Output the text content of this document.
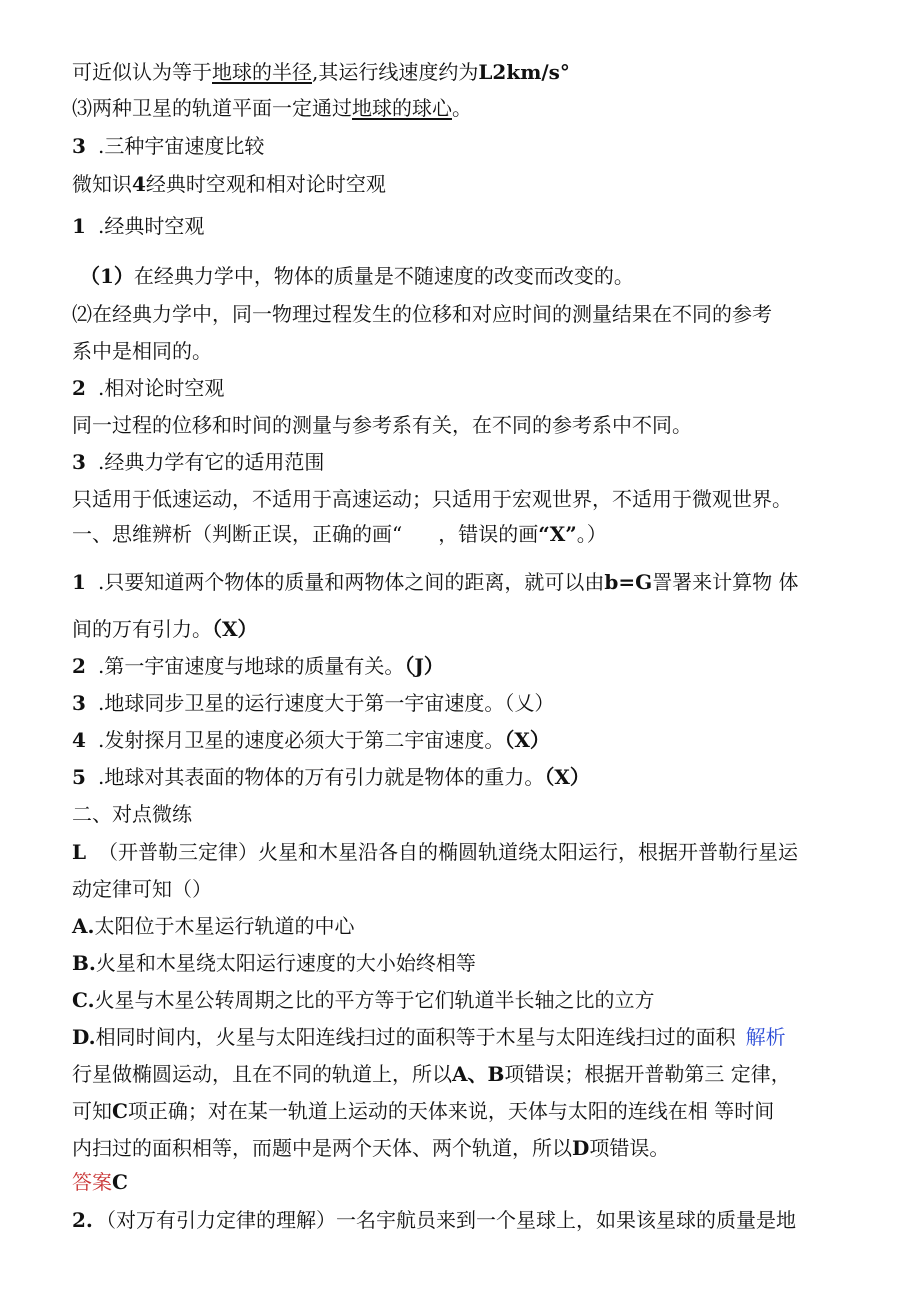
可近似认为等于地球的半径,其运行线速度约为L2km∕s°
⑶两种卫星的轨道平面一定通过地球的球心。
3 .三种宇宙速度比较
微知识4经典时空观和相对论时空观
1 .经典时空观
（1）在经典力学中，物体的质量是不随速度的改变而改变的。
⑵在经典力学中，同一物理过程发生的位移和对应时间的测量结果在不同的参考
系中是相同的。
2 .相对论时空观
同一过程的位移和时间的测量与参考系有关，在不同的参考系中不同。
3 .经典力学有它的适用范围
只适用于低速运动，不适用于高速运动；只适用于宏观世界，不适用于微观世界。
一、思维辨析（判断正误，正确的画“ ，错误的画“X”。）
1 .只要知道两个物体的质量和两物体之间的距离，就可以由b=G詈署来计算物 体
间的万有引力。（X）
2 .第一宇宙速度与地球的质量有关。（J）
3 .地球同步卫星的运行速度大于第一宇宙速度。（乂）
4 .发射探月卫星的速度必须大于第二宇宙速度。（X）
5 .地球对其表面的物体的万有引力就是物体的重力。（X）
二、对点微练
L （开普勒三定律）火星和木星沿各自的椭圆轨道绕太阳运行，根据开普勒行星运
动定律可知（）
A.太阳位于木星运行轨道的中心
B.火星和木星绕太阳运行速度的大小始终相等
C.火星与木星公转周期之比的平方等于它们轨道半长轴之比的立方
D.相同时间内，火星与太阳连线扫过的面积等于木星与太阳连线扫过的面积 解析
行星做椭圆运动，且在不同的轨道上，所以A、B项错误；根据开普勒第三 定律，
可知C项正确；对在某一轨道上运动的天体来说，天体与太阳的连线在相 等时间
内扫过的面积相等，而题中是两个天体、两个轨道，所以D项错误。
答案C
2. （对万有引力定律的理解）一名宇航员来到一个星球上，如果该星球的质量是地
